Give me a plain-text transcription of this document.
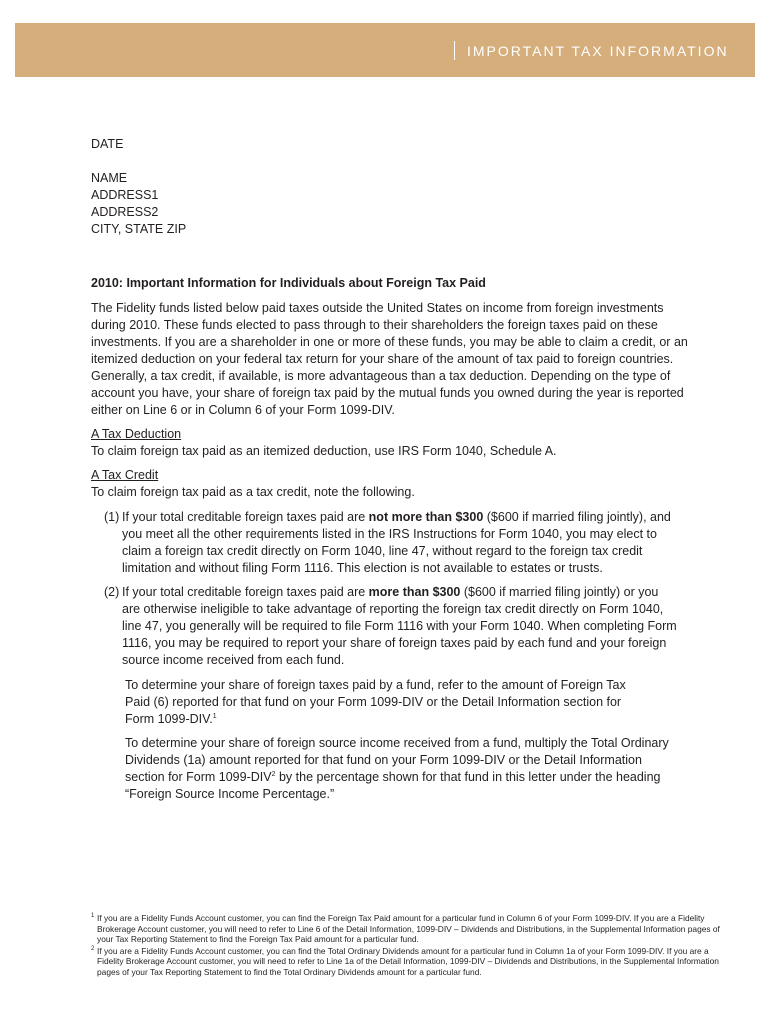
IMPORTANT TAX INFORMATION
DATE
NAME
ADDRESS1
ADDRESS2
CITY, STATE ZIP
2010: Important Information for Individuals about Foreign Tax Paid
The Fidelity funds listed below paid taxes outside the United States on income from foreign investments during 2010. These funds elected to pass through to their shareholders the foreign taxes paid on these investments. If you are a shareholder in one or more of these funds, you may be able to claim a credit, or an itemized deduction on your federal tax return for your share of the amount of tax paid to foreign countries. Generally, a tax credit, if available, is more advantageous than a tax deduction. Depending on the type of account you have, your share of foreign tax paid by the mutual funds you owned during the year is reported either on Line 6 or in Column 6 of your Form 1099-DIV.
A Tax Deduction
To claim foreign tax paid as an itemized deduction, use IRS Form 1040, Schedule A.
A Tax Credit
To claim foreign tax paid as a tax credit, note the following.
(1) If your total creditable foreign taxes paid are not more than $300 ($600 if married filing jointly), and you meet all the other requirements listed in the IRS Instructions for Form 1040, you may elect to claim a foreign tax credit directly on Form 1040, line 47, without regard to the foreign tax credit limitation and without filing Form 1116. This election is not available to estates or trusts.
(2) If your total creditable foreign taxes paid are more than $300 ($600 if married filing jointly) or you are otherwise ineligible to take advantage of reporting the foreign tax credit directly on Form 1040, line 47, you generally will be required to file Form 1116 with your Form 1040. When completing Form 1116, you may be required to report your share of foreign taxes paid by each fund and your foreign source income received from each fund.
To determine your share of foreign taxes paid by a fund, refer to the amount of Foreign Tax Paid (6) reported for that fund on your Form 1099-DIV or the Detail Information section for Form 1099-DIV.$^1$
To determine your share of foreign source income received from a fund, multiply the Total Ordinary Dividends (1a) amount reported for that fund on your Form 1099-DIV or the Detail Information section for Form 1099-DIV$^2$ by the percentage shown for that fund in this letter under the heading “Foreign Source Income Percentage.”
1 If you are a Fidelity Funds Account customer, you can find the Foreign Tax Paid amount for a particular fund in Column 6 of your Form 1099-DIV. If you are a Fidelity Brokerage Account customer, you will need to refer to Line 6 of the Detail Information, 1099-DIV – Dividends and Distributions, in the Supplemental Information pages of your Tax Reporting Statement to find the Foreign Tax Paid amount for a particular fund.
2 If you are a Fidelity Funds Account customer, you can find the Total Ordinary Dividends amount for a particular fund in Column 1a of your Form 1099-DIV. If you are a Fidelity Brokerage Account customer, you will need to refer to Line 1a of the Detail Information, 1099-DIV – Dividends and Distributions, in the Supplemental Information pages of your Tax Reporting Statement to find the Total Ordinary Dividends amount for a particular fund.
